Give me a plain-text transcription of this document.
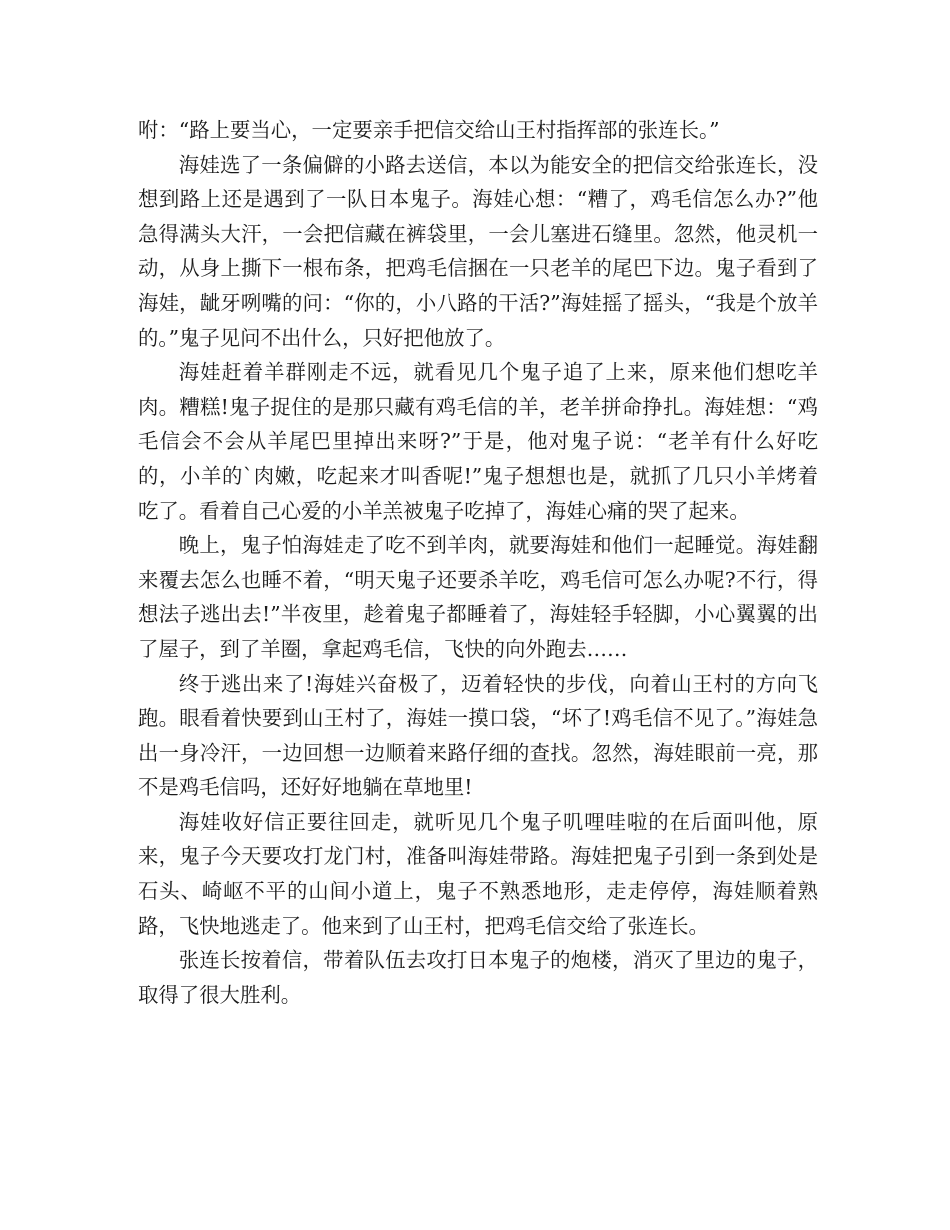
咐：“路上要当心，一定要亲手把信交给山王村指挥部的张连长。”

海娃选了一条偏僻的小路去送信，本以为能安全的把信交给张连长，没想到路上还是遇到了一队日本鬼子。海娃心想：“糟了，鸡毛信怎么办?”他急得满头大汗，一会把信藏在裤袋里，一会儿塞进石缝里。忽然，他灵机一动，从身上撕下一根布条，把鸡毛信捆在一只老羊的尾巴下边。鬼子看到了海娃，龇牙咧嘴的问：“你的，小八路的干活?”海娃摇了摇头，“我是个放羊的。”鬼子见问不出什么，只好把他放了。

海娃赶着羊群刚走不远，就看见几个鬼子追了上来，原来他们想吃羊肉。糟糕!鬼子捉住的是那只藏有鸡毛信的羊，老羊拼命挣扎。海娃想：“鸡毛信会不会从羊尾巴里掉出来呀?”于是，他对鬼子说：“老羊有什么好吃的，小羊的`肉嫩，吃起来才叫香呢!”鬼子想想也是，就抓了几只小羊烤着吃了。看着自己心爱的小羊羔被鬼子吃掉了，海娃心痛的哭了起来。

晚上，鬼子怕海娃走了吃不到羊肉，就要海娃和他们一起睡觉。海娃翻来覆去怎么也睡不着，“明天鬼子还要杀羊吃，鸡毛信可怎么办呢?不行，得想法子逃出去!”半夜里，趁着鬼子都睡着了，海娃轻手轻脚，小心翼翼的出了屋子，到了羊圈，拿起鸡毛信，飞快的向外跑去……

终于逃出来了!海娃兴奋极了，迈着轻快的步伐，向着山王村的方向飞跑。眼看着快要到山王村了，海娃一摸口袋，“坏了!鸡毛信不见了。”海娃急出一身冷汗，一边回想一边顺着来路仔细的查找。忽然，海娃眼前一亮，那不是鸡毛信吗，还好好地躺在草地里!

海娃收好信正要往回走，就听见几个鬼子叽哩哇啦的在后面叫他，原来，鬼子今天要攻打龙门村，准备叫海娃带路。海娃把鬼子引到一条到处是石头、崎岖不平的山间小道上，鬼子不熟悉地形，走走停停，海娃顺着熟路，飞快地逃走了。他来到了山王村，把鸡毛信交给了张连长。

张连长按着信，带着队伍去攻打日本鬼子的炮楼，消灭了里边的鬼子，取得了很大胜利。
